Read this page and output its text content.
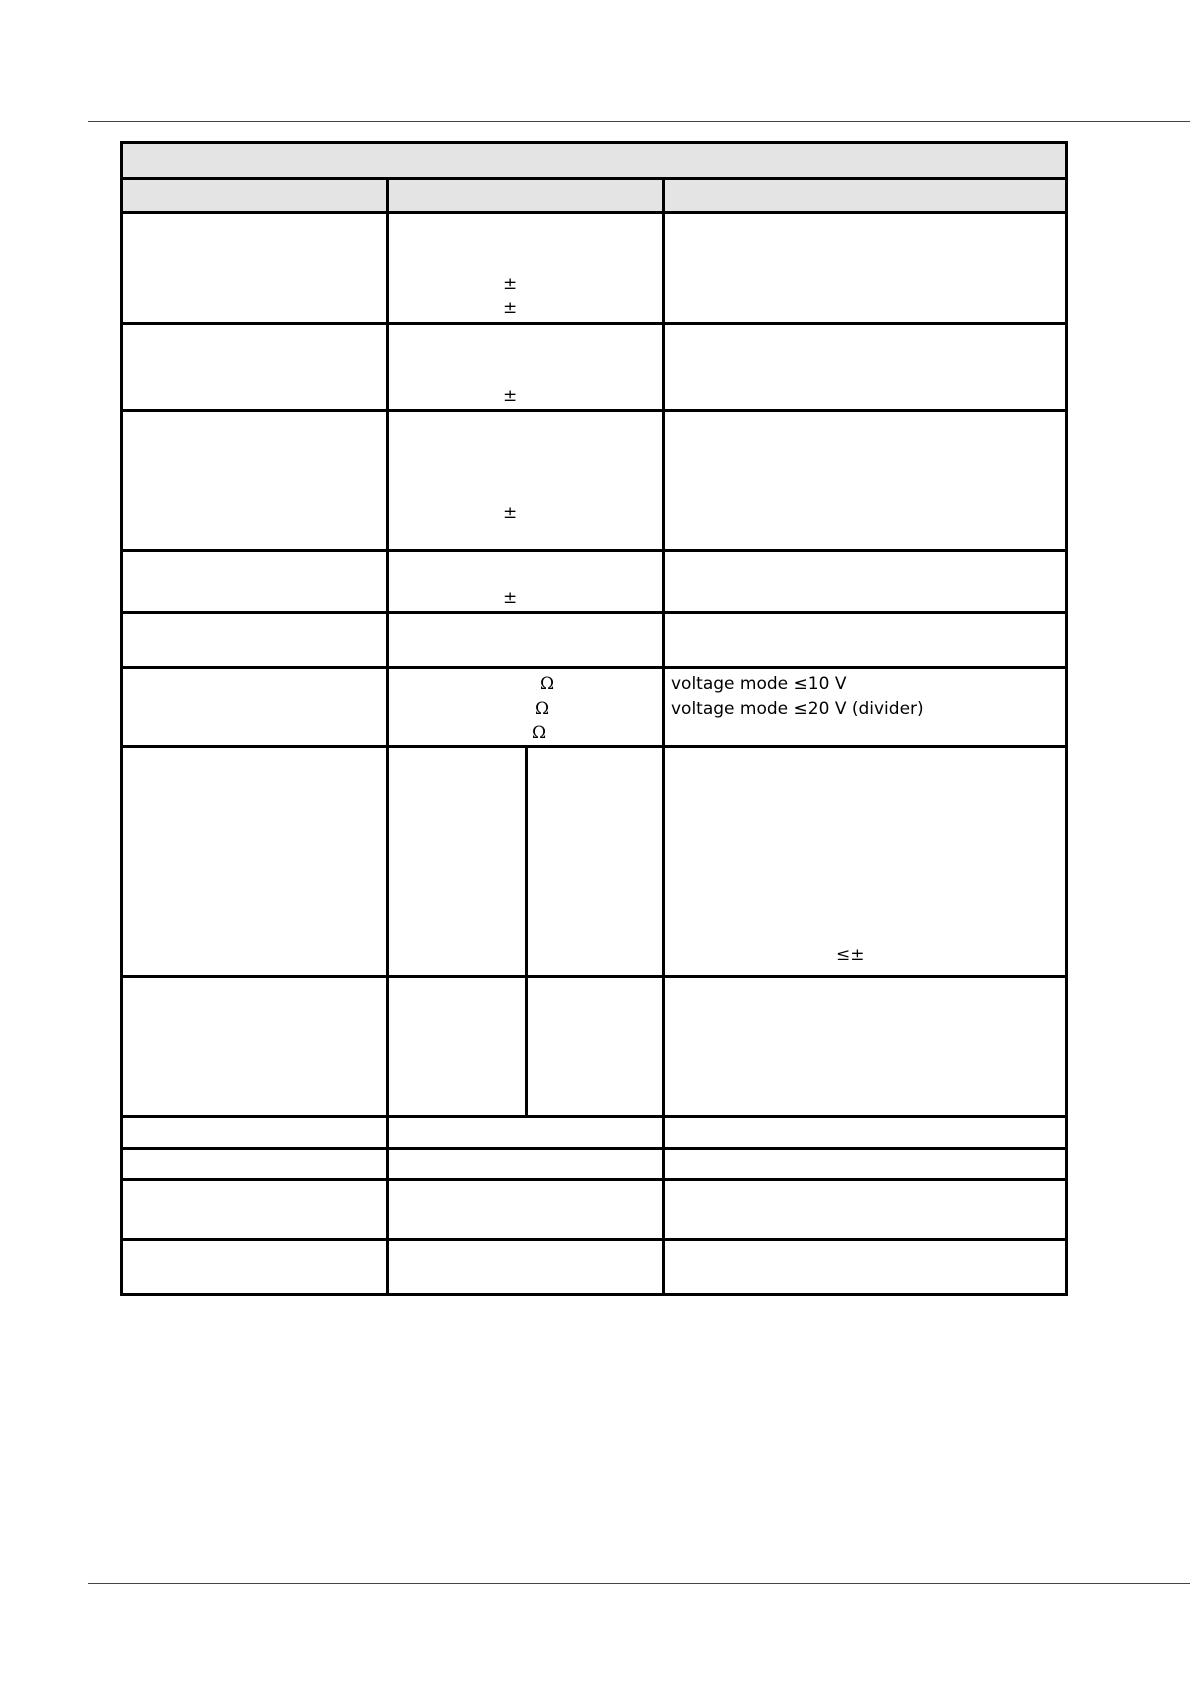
±
±
±
±
±
Ω
Ω
Ω
voltage mode ≤10 V
voltage mode ≤20 V (divider)
≤±
